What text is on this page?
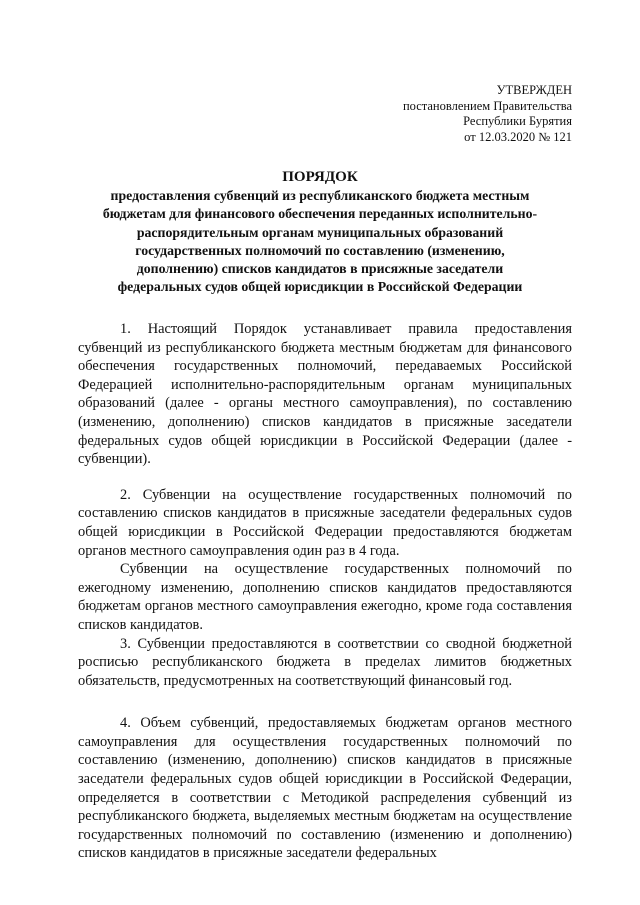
УТВЕРЖДЕН
постановлением Правительства
Республики Бурятия
от 12.03.2020 № 121
ПОРЯДОК
предоставления субвенций из республиканского бюджета местным бюджетам для финансового обеспечения переданных исполнительно-распорядительным органам муниципальных образований государственных полномочий по составлению (изменению, дополнению) списков кандидатов в присяжные заседатели федеральных судов общей юрисдикции в Российской Федерации

1. Настоящий Порядок устанавливает правила предоставления субвенций из республиканского бюджета местным бюджетам для финансового обеспечения государственных полномочий, передаваемых Российской Федерацией исполнительно-распорядительным органам муниципальных образований (далее - органы местного самоуправления), по составлению (изменению, дополнению) списков кандидатов в присяжные заседатели федеральных судов общей юрисдикции в Российской Федерации (далее - субвенции).

2. Субвенции на осуществление государственных полномочий по составлению списков кандидатов в присяжные заседатели федеральных судов общей юрисдикции в Российской Федерации предоставляются бюджетам органов местного самоуправления один раз в 4 года.

Субвенции на осуществление государственных полномочий по ежегодному изменению, дополнению списков кандидатов предоставляются бюджетам органов местного самоуправления ежегодно, кроме года составления списков кандидатов.

3. Субвенции предоставляются в соответствии со сводной бюджетной росписью республиканского бюджета в пределах лимитов бюджетных обязательств, предусмотренных на соответствующий финансовый год.

4. Объем субвенций, предоставляемых бюджетам органов местного самоуправления для осуществления государственных полномочий по составлению (изменению, дополнению) списков кандидатов в присяжные заседатели федеральных судов общей юрисдикции в Российской Федерации, определяется в соответствии с Методикой распределения субвенций из республиканского бюджета, выделяемых местным бюджетам на осуществление государственных полномочий по составлению (изменению и дополнению) списков кандидатов в присяжные заседатели федеральных
